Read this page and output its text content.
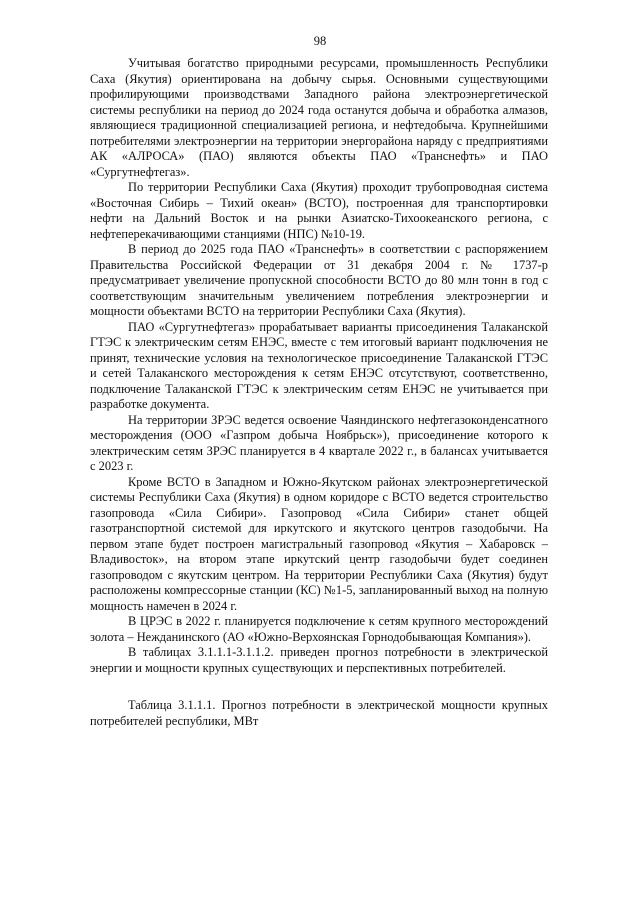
98

Учитывая богатство природными ресурсами, промышленность Республики Саха (Якутия) ориентирована на добычу сырья. Основными существующими профилирующими производствами Западного района электроэнергетической системы республики на период до 2024 года останутся добыча и обработка алмазов, являющиеся традиционной специализацией региона, и нефтедобыча. Крупнейшими потребителями электроэнергии на территории энергорайона наряду с предприятиями АК «АЛРОСА» (ПАО) являются объекты ПАО «Транснефть» и ПАО «Сургутнефтегаз».

По территории Республики Саха (Якутия) проходит трубопроводная система «Восточная Сибирь – Тихий океан» (ВСТО), построенная для транспортировки нефти на Дальний Восток и на рынки Азиатско-Тихоокеанского региона, с нефтеперекачивающими станциями (НПС) №10-19.

В период до 2025 года ПАО «Транснефть» в соответствии с распоряжением Правительства Российской Федерации от 31 декабря 2004 г. № 1737-р предусматривает увеличение пропускной способности ВСТО до 80 млн тонн в год с соответствующим значительным увеличением потребления электроэнергии и мощности объектами ВСТО на территории Республики Саха (Якутия).

ПАО «Сургутнефтегаз» прорабатывает варианты присоединения Талаканской ГТЭС к электрическим сетям ЕНЭС, вместе с тем итоговый вариант подключения не принят, технические условия на технологическое присоединение Талаканской ГТЭС и сетей Талаканского месторождения к сетям ЕНЭС отсутствуют, соответственно, подключение Талаканской ГТЭС к электрическим сетям ЕНЭС не учитывается при разработке документа.

На территории ЗРЭС ведется освоение Чаяндинского нефтегазоконденсатного месторождения (ООО «Газпром добыча Ноябрьск»), присоединение которого к электрическим сетям ЗРЭС планируется в 4 квартале 2022 г., в балансах учитывается с 2023 г.

Кроме ВСТО в Западном и Южно-Якутском районах электроэнергетической системы Республики Саха (Якутия) в одном коридоре с ВСТО ведется строительство газопровода «Сила Сибири». Газопровод «Сила Сибири» станет общей газотранспортной системой для иркутского и якутского центров газодобычи. На первом этапе будет построен магистральный газопровод «Якутия – Хабаровск – Владивосток», на втором этапе иркутский центр газодобычи будет соединен газопроводом с якутским центром. На территории Республики Саха (Якутия) будут расположены компрессорные станции (КС) №1-5, запланированный выход на полную мощность намечен в 2024 г.

В ЦРЭС в 2022 г. планируется подключение к сетям крупного месторождений золота – Нежданинского (АО «Южно-Верхоянская Горнодобывающая Компания»).

В таблицах 3.1.1.1-3.1.1.2. приведен прогноз потребности в электрической энергии и мощности крупных существующих и перспективных потребителей.

Таблица 3.1.1.1. Прогноз потребности в электрической мощности крупных потребителей республики, МВт
